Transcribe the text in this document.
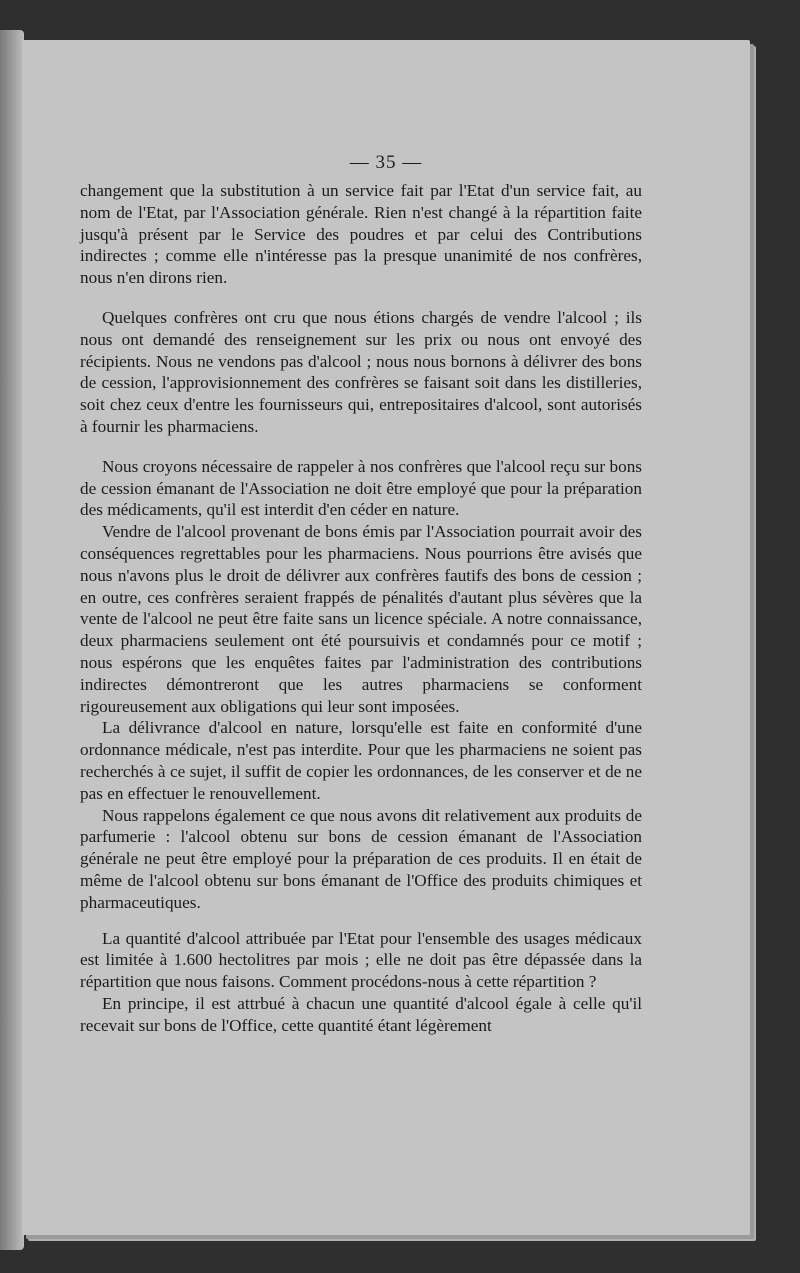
— 35 —

changement que la substitution à un service fait par l'Etat d'un service fait, au nom de l'Etat, par l'Association générale. Rien n'est changé à la répartition faite jusqu'à présent par le Service des poudres et par celui des Contributions indirectes ; comme elle n'intéresse pas la presque unanimité de nos confrères, nous n'en dirons rien.

Quelques confrères ont cru que nous étions chargés de vendre l'alcool ; ils nous ont demandé des renseignement sur les prix ou nous ont envoyé des récipients. Nous ne vendons pas d'alcool ; nous nous bornons à délivrer des bons de cession, l'approvisionnement des confrères se faisant soit dans les distilleries, soit chez ceux d'entre les fournisseurs qui, entrepositaires d'alcool, sont autorisés à fournir les pharmaciens.

Nous croyons nécessaire de rappeler à nos confrères que l'alcool reçu sur bons de cession émanant de l'Association ne doit être employé que pour la préparation des médicaments, qu'il est interdit d'en céder en nature.

Vendre de l'alcool provenant de bons émis par l'Association pourrait avoir des conséquences regrettables pour les pharmaciens. Nous pourrions être avisés que nous n'avons plus le droit de délivrer aux confrères fautifs des bons de cession ; en outre, ces confrères seraient frappés de pénalités d'autant plus sévères que la vente de l'alcool ne peut être faite sans un licence spéciale. A notre connaissance, deux pharmaciens seulement ont été poursuivis et condamnés pour ce motif ; nous espérons que les enquêtes faites par l'administration des contributions indirectes démontreront que les autres pharmaciens se conforment rigoureusement aux obligations qui leur sont imposées.

La délivrance d'alcool en nature, lorsqu'elle est faite en conformité d'une ordonnance médicale, n'est pas interdite. Pour que les pharmaciens ne soient pas recherchés à ce sujet, il suffit de copier les ordonnances, de les conserver et de ne pas en effectuer le renouvellement.

Nous rappelons également ce que nous avons dit relativement aux produits de parfumerie : l'alcool obtenu sur bons de cession émanant de l'Association générale ne peut être employé pour la préparation de ces produits. Il en était de même de l'alcool obtenu sur bons émanant de l'Office des produits chimiques et pharmaceutiques.

La quantité d'alcool attribuée par l'Etat pour l'ensemble des usages médicaux est limitée à 1.600 hectolitres par mois ; elle ne doit pas être dépassée dans la répartition que nous faisons. Comment procédons-nous à cette répartition ?

En principe, il est attrbué à chacun une quantité d'alcool égale à celle qu'il recevait sur bons de l'Office, cette quantité étant légèrement
